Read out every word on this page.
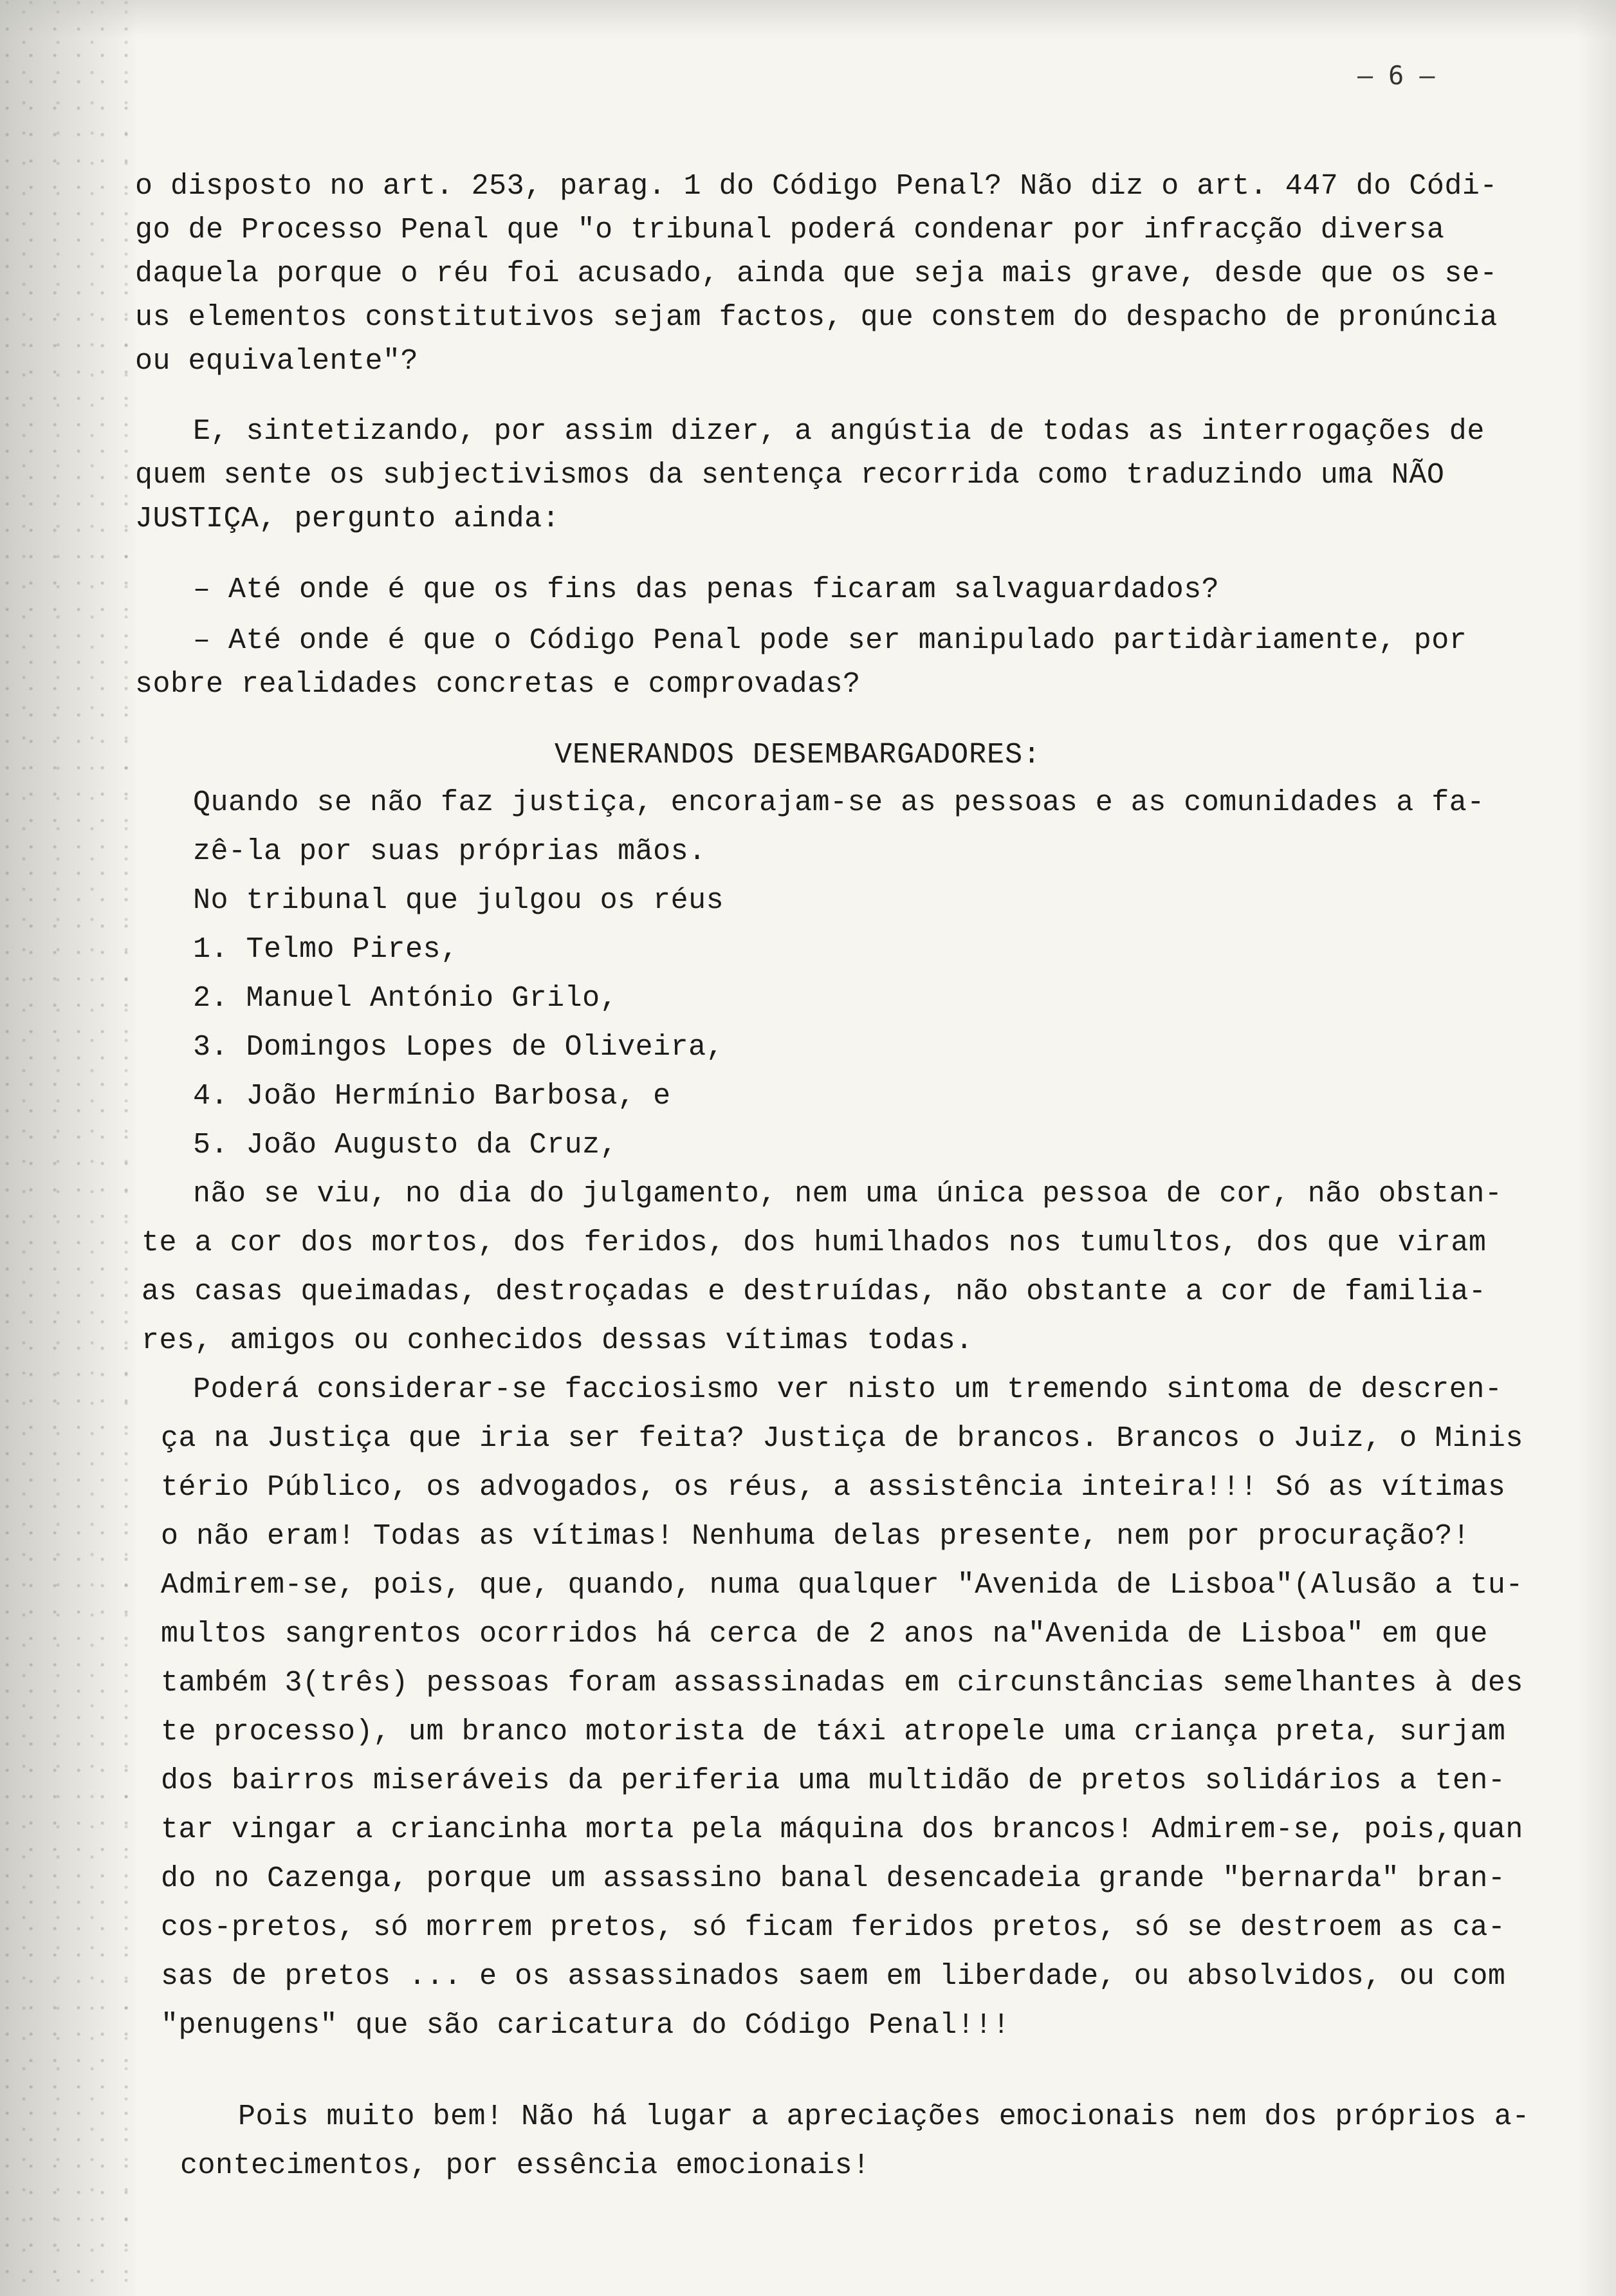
– 6 –
o disposto no art. 253, parag. 1 do Código Penal? Não diz o art. 447 do Códi-
go de Processo Penal que "o tribunal poderá condenar por infracção diversa
daquela porque o réu foi acusado, ainda que seja mais grave, desde que os se-
us elementos constitutivos sejam factos, que constem do despacho de pronúncia
ou equivalente"?
E, sintetizando, por assim dizer, a angústia de todas as interrogações de
quem sente os subjectivismos da sentença recorrida como traduzindo uma NÃO
JUSTIÇA, pergunto ainda:
– Até onde é que os fins das penas ficaram salvaguardados?
– Até onde é que o Código Penal pode ser manipulado partidàriamente, por
sobre realidades concretas e comprovadas?
VENERANDOS DESEMBARGADORES:
Quando se não faz justiça, encorajam-se as pessoas e as comunidades a fa-
zê-la por suas próprias mãos.
No tribunal que julgou os réus
1. Telmo Pires,
2. Manuel António Grilo,
3. Domingos Lopes de Oliveira,
4. João Hermínio Barbosa, e
5. João Augusto da Cruz,
não se viu, no dia do julgamento, nem uma única pessoa de cor, não obstan-
te a cor dos mortos, dos feridos, dos humilhados nos tumultos, dos que viram
as casas queimadas, destroçadas e destruídas, não obstante a cor de familia-
res, amigos ou conhecidos dessas vítimas todas.
Poderá considerar-se facciosismo ver nisto um tremendo sintoma de descren-
ça na Justiça que iria ser feita? Justiça de brancos. Brancos o Juiz, o Minis
tério Público, os advogados, os réus, a assistência inteira!!! Só as vítimas
o não eram! Todas as vítimas! Nenhuma delas presente, nem por procuração?!
Admirem-se, pois, que, quando, numa qualquer "Avenida de Lisboa"(Alusão a tu-
multos sangrentos ocorridos há cerca de 2 anos na"Avenida de Lisboa" em que
também 3(três) pessoas foram assassinadas em circunstâncias semelhantes à des
te processo), um branco motorista de táxi atropele uma criança preta, surjam
dos bairros miseráveis da periferia uma multidão de pretos solidários a ten-
tar vingar a criancinha morta pela máquina dos brancos! Admirem-se, pois,quan
do no Cazenga, porque um assassino banal desencadeia grande "bernarda" bran-
cos-pretos, só morrem pretos, só ficam feridos pretos, só se destroem as ca-
sas de pretos ... e os assassinados saem em liberdade, ou absolvidos, ou com
"penugens" que são caricatura do Código Penal!!!
Pois muito bem! Não há lugar a apreciações emocionais nem dos próprios a-
contecimentos, por essência emocionais!
